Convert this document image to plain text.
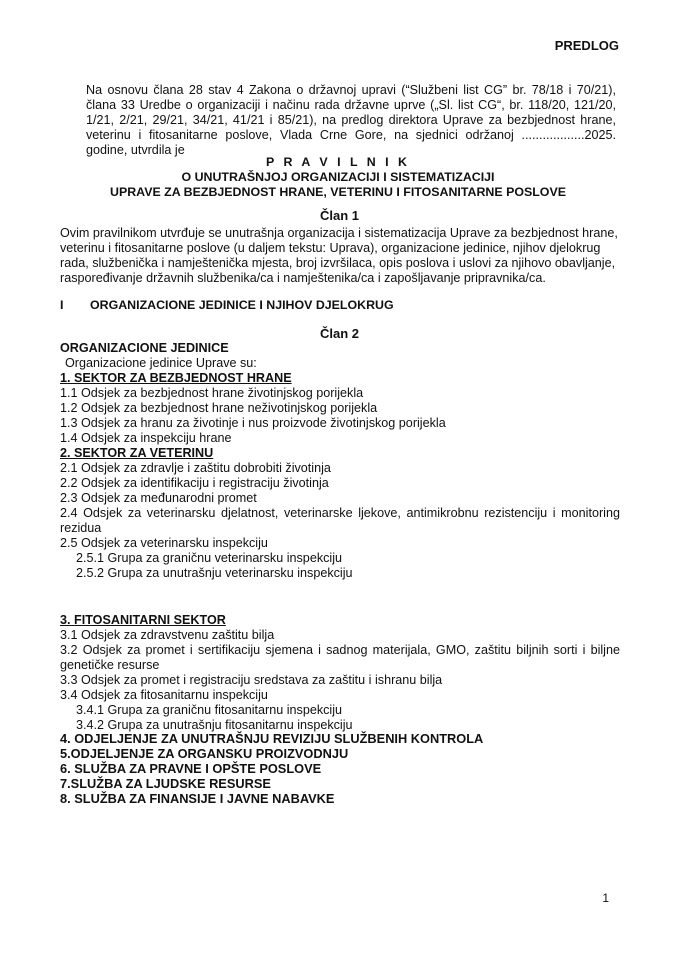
PREDLOG
Na osnovu člana 28 stav 4 Zakona o državnoj upravi (“Službeni list CG” br. 78/18 i 70/21), člana 33 Uredbe o organizaciji i načinu rada državne uprve („Sl. list CG“, br. 118/20, 121/20, 1/21, 2/21, 29/21, 34/21, 41/21 i 85/21), na predlog direktora Uprave za bezbjednost hrane, veterinu i fitosanitarne poslove, Vlada Crne Gore, na sjednici održanoj ..................2025. godine, utvrdila je
P R A V I L N I K
O UNUTRAŠNJOJ ORGANIZACIJI I SISTEMATIZACIJI
UPRAVE ZA BEZBJEDNOST HRANE, VETERINU I FITOSANITARNE POSLOVE
Član 1
Ovim pravilnikom utvrđuje se unutrašnja organizacija i sistematizacija Uprave za bezbjednost hrane, veterinu i fitosanitarne poslove (u daljem tekstu: Uprava), organizacione jedinice, njihov djelokrug rada, službenička i namještenička mjesta, broj izvršilaca, opis poslova i uslovi za njihovo obavljanje, raspoređivanje državnih službenika/ca i namještenika/ca i zapošljavanje pripravnika/ca.
I ORGANIZACIONE JEDINICE I NJIHOV DJELOKRUG
Član 2
ORGANIZACIONE JEDINICE
Organizacione jedinice Uprave su:
1. SEKTOR ZA BEZBJEDNOST HRANE
1.1 Odsjek za bezbjednost hrane životinjskog porijekla
1.2 Odsjek za bezbjednost hrane neživotinjskog porijekla
1.3 Odsjek za hranu za životinje i nus proizvode životinjskog porijekla
1.4 Odsjek za inspekciju hrane
2. SEKTOR ZA VETERINU
2.1 Odsjek za zdravlje i zaštitu dobrobiti životinja
2.2 Odsjek za identifikaciju i registraciju životinja
2.3 Odsjek za međunarodni promet
2.4 Odsjek za veterinarsku djelatnost, veterinarske ljekove, antimikrobnu rezistenciju i monitoring rezidua
2.5 Odsjek za veterinarsku inspekciju
2.5.1 Grupa za graničnu veterinarsku inspekciju
2.5.2 Grupa za unutrašnju veterinarsku inspekciju
3. FITOSANITARNI SEKTOR
3.1 Odsjek za zdravstvenu zaštitu bilja
3.2 Odsjek za promet i sertifikaciju sjemena i sadnog materijala, GMO, zaštitu biljnih sorti i biljne genetičke resurse
3.3 Odsjek za promet i registraciju sredstava za zaštitu i ishranu bilja
3.4 Odsjek za fitosanitarnu inspekciju
3.4.1 Grupa za graničnu fitosanitarnu inspekciju
3.4.2 Grupa za unutrašnju fitosanitarnu inspekciju
4. ODJELJENJE ZA UNUTRAŠNJU REVIZIJU SLUŽBENIH KONTROLA
5.ODJELJENJE ZA ORGANSKU PROIZVODNJU
6. SLUŽBA ZA PRAVNE I OPŠTE POSLOVE
7.SLUŽBA ZA LJUDSKE RESURSE
8. SLUŽBA ZA FINANSIJE I JAVNE NABAVKE
1
